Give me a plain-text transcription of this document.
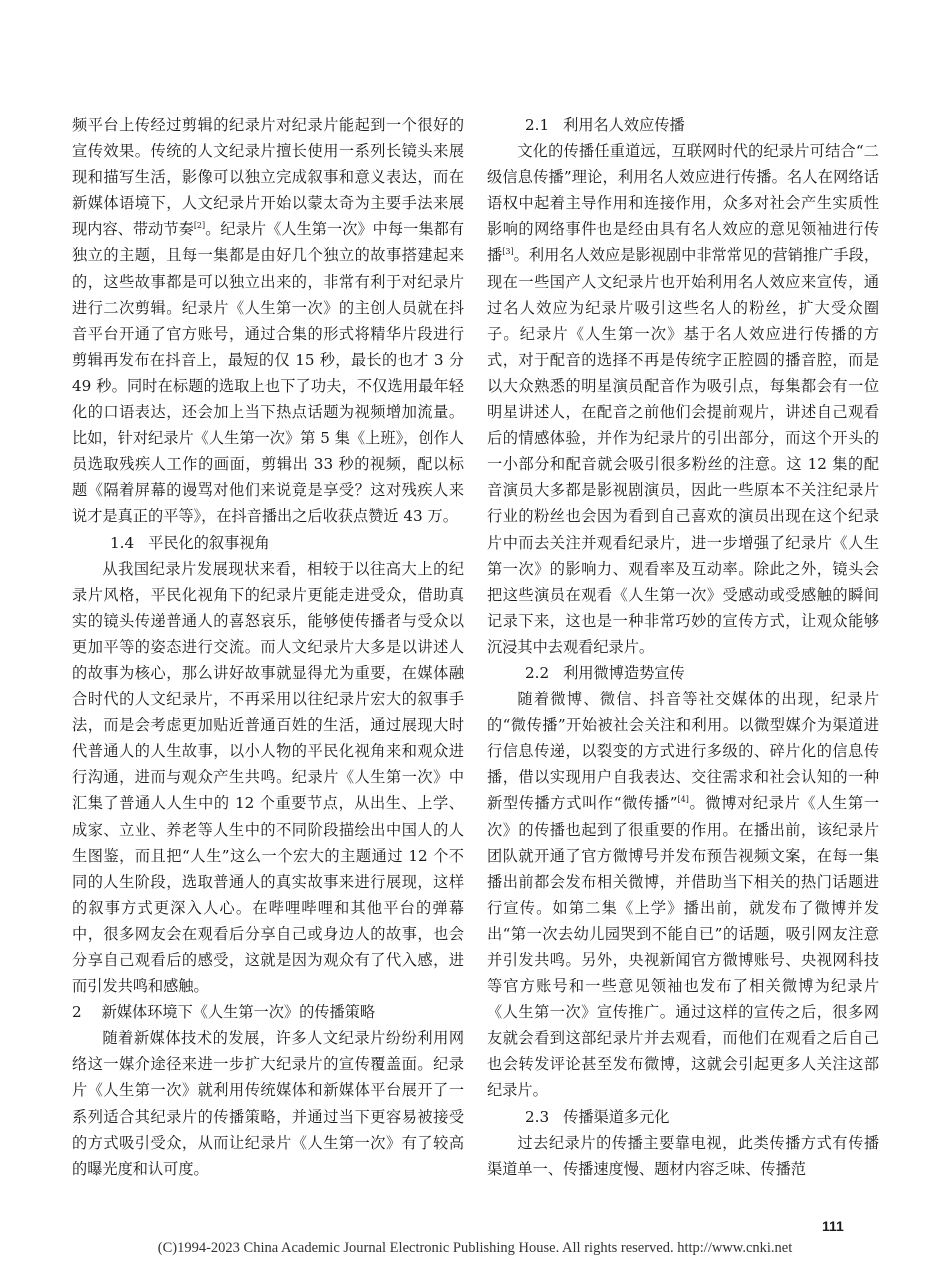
频平台上传经过剪辑的纪录片对纪录片能起到一个很好的宣传效果。传统的人文纪录片擅长使用一系列长镜头来展现和描写生活，影像可以独立完成叙事和意义表达，而在新媒体语境下，人文纪录片开始以蒙太奇为主要手法来展现内容、带动节奏[2]。纪录片《人生第一次》中每一集都有独立的主题，且每一集都是由好几个独立的故事搭建起来的，这些故事都是可以独立出来的，非常有利于对纪录片进行二次剪辑。纪录片《人生第一次》的主创人员就在抖音平台开通了官方账号，通过合集的形式将精华片段进行剪辑再发布在抖音上，最短的仅 15 秒，最长的也才 3 分 49 秒。同时在标题的选取上也下了功夫，不仅选用最年轻化的口语表达，还会加上当下热点话题为视频增加流量。比如，针对纪录片《人生第一次》第 5 集《上班》，创作人员选取残疾人工作的画面，剪辑出 33 秒的视频，配以标题《隔着屏幕的谩骂对他们来说竟是享受？这对残疾人来说才是真正的平等》，在抖音播出之后收获点赞近 43 万。

1.4 平民化的叙事视角

从我国纪录片发展现状来看，相较于以往高大上的纪录片风格，平民化视角下的纪录片更能走进受众，借助真实的镜头传递普通人的喜怒哀乐，能够使传播者与受众以更加平等的姿态进行交流。而人文纪录片大多是以讲述人的故事为核心，那么讲好故事就显得尤为重要，在媒体融合时代的人文纪录片，不再采用以往纪录片宏大的叙事手法，而是会考虑更加贴近普通百姓的生活，通过展现大时代普通人的人生故事，以小人物的平民化视角来和观众进行沟通，进而与观众产生共鸣。纪录片《人生第一次》中汇集了普通人人生中的 12 个重要节点，从出生、上学、成家、立业、养老等人生中的不同阶段描绘出中国人的人生图鉴，而且把“人生”这么一个宏大的主题通过 12 个不同的人生阶段，选取普通人的真实故事来进行展现，这样的叙事方式更深入人心。在哔哩哔哩和其他平台的弹幕中，很多网友会在观看后分享自己或身边人的故事，也会分享自己观看后的感受，这就是因为观众有了代入感，进而引发共鸣和感触。

2 新媒体环境下《人生第一次》的传播策略

随着新媒体技术的发展，许多人文纪录片纷纷利用网络这一媒介途径来进一步扩大纪录片的宣传覆盖面。纪录片《人生第一次》就利用传统媒体和新媒体平台展开了一系列适合其纪录片的传播策略，并通过当下更容易被接受的方式吸引受众，从而让纪录片《人生第一次》有了较高的曝光度和认可度。

2.1 利用名人效应传播

文化的传播任重道远，互联网时代的纪录片可结合“二级信息传播”理论，利用名人效应进行传播。名人在网络话语权中起着主导作用和连接作用，众多对社会产生实质性影响的网络事件也是经由具有名人效应的意见领袖进行传播[3]。利用名人效应是影视剧中非常常见的营销推广手段，现在一些国产人文纪录片也开始利用名人效应来宣传，通过名人效应为纪录片吸引这些名人的粉丝，扩大受众圈子。纪录片《人生第一次》基于名人效应进行传播的方式，对于配音的选择不再是传统字正腔圆的播音腔，而是以大众熟悉的明星演员配音作为吸引点，每集都会有一位明星讲述人，在配音之前他们会提前观片，讲述自己观看后的情感体验，并作为纪录片的引出部分，而这个开头的一小部分和配音就会吸引很多粉丝的注意。这 12 集的配音演员大多都是影视剧演员，因此一些原本不关注纪录片行业的粉丝也会因为看到自己喜欢的演员出现在这个纪录片中而去关注并观看纪录片，进一步增强了纪录片《人生第一次》的影响力、观看率及互动率。除此之外，镜头会把这些演员在观看《人生第一次》受感动或受感触的瞬间记录下来，这也是一种非常巧妙的宣传方式，让观众能够沉浸其中去观看纪录片。

2.2 利用微博造势宣传

随着微博、微信、抖音等社交媒体的出现，纪录片的“微传播”开始被社会关注和利用。以微型媒介为渠道进行信息传递，以裂变的方式进行多级的、碎片化的信息传播，借以实现用户自我表达、交往需求和社会认知的一种新型传播方式叫作“微传播”[4]。微博对纪录片《人生第一次》的传播也起到了很重要的作用。在播出前，该纪录片团队就开通了官方微博号并发布预告视频文案，在每一集播出前都会发布相关微博，并借助当下相关的热门话题进行宣传。如第二集《上学》播出前，就发布了微博并发出“第一次去幼儿园哭到不能自已”的话题，吸引网友注意并引发共鸣。另外，央视新闻官方微博账号、央视网科技等官方账号和一些意见领袖也发布了相关微博为纪录片《人生第一次》宣传推广。通过这样的宣传之后，很多网友就会看到这部纪录片并去观看，而他们在观看之后自己也会转发评论甚至发布微博，这就会引起更多人关注这部纪录片。

2.3 传播渠道多元化

过去纪录片的传播主要靠电视，此类传播方式有传播渠道单一、传播速度慢、题材内容乏味、传播范

111
(C)1994-2023 China Academic Journal Electronic Publishing House. All rights reserved. http://www.cnki.net
